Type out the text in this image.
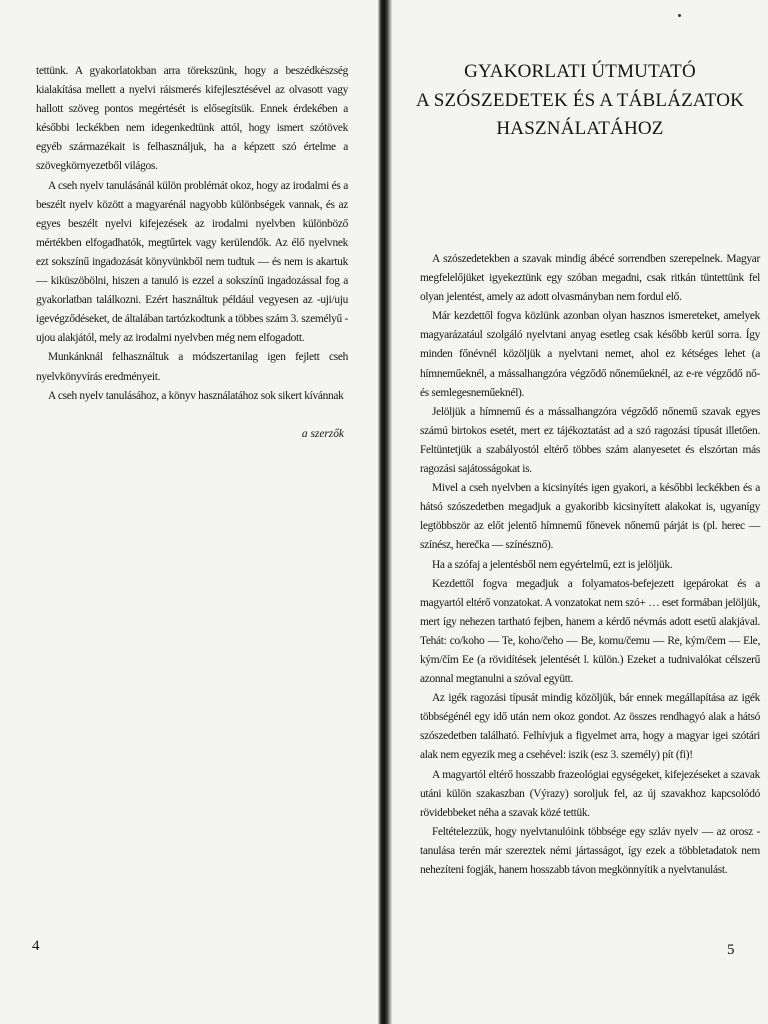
tettünk. A gyakorlatokban arra törekszünk, hogy a beszédkészség kialakítása mellett a nyelvi ráismerés kifejlesztésével az olvasott vagy hallott szöveg pontos megértését is elősegítsük. Ennek érdekében a későbbi leckékben nem idegenkedtünk attól, hogy ismert szótövek egyéb származékait is felhasználjuk, ha a képzett szó értelme a szövegkörnyezetből világos.

A cseh nyelv tanulásánál külön problémát okoz, hogy az irodalmi és a beszélt nyelv között a magyarénál nagyobb különbségek vannak, és az egyes beszélt nyelvi kifejezések az irodalmi nyelvben különböző mértékben elfogadhatók, megtűrtek vagy kerülendők. Az élő nyelvnek ezt sokszínű ingadozását könyvünkből nem tudtuk — és nem is akartuk — kiküszöbölni, hiszen a tanuló is ezzel a sokszínű ingadozással fog a gyakorlatban találkozni. Ezért használtuk például vegyesen az -uji/uju igevégződéseket, de általában tartózkodtunk a többes szám 3. személyű -ujou alakjától, mely az irodalmi nyelvben még nem elfogadott.

Munkánknál felhasználtuk a módszertanilag igen fejlett cseh nyelvkönyvírás eredményeit.

A cseh nyelv tanulásához, a könyv használatához sok sikert kívánnak

a szerzők
4
GYAKORLATI ÚTMUTATÓ
A SZÓSZEDETEK ÉS A TÁBLÁZATOK
HASZNÁLATÁHOZ

A szószedetekben a szavak mindig ábécé sorrendben szerepelnek. Magyar megfelelőjüket igyekeztünk egy szóban megadni, csak ritkán tüntettünk fel olyan jelentést, amely az adott olvasmányban nem fordul elő.

Már kezdettől fogva közlünk azonban olyan hasznos ismereteket, amelyek magyarázatául szolgáló nyelvtani anyag esetleg csak később kerül sorra. Így minden főnévnél közöljük a nyelvtani nemet, ahol ez kétséges lehet (a hímneműeknél, a mássalhangzóra végződő nőneműeknél, az e-re végződő nő- és semlegesneműeknél).

Jelöljük a hímnemű és a mássalhangzóra végződő nőnemű szavak egyes számú birtokos esetét, mert ez tájékoztatást ad a szó ragozási típusát illetően. Feltüntetjük a szabályostól eltérő többes szám alanyesetet és elszórtan más ragozási sajátosságokat is.

Mivel a cseh nyelvben a kicsinyítés igen gyakori, a későbbi leckékben és a hátsó szószedetben megadjuk a gyakoribb kicsinyített alakokat is, ugyanígy legtöbbször az előt jelentő hímnemű főnevek nőnemű párját is (pl. herec — színész, herečka — színésznő).

Ha a szófaj a jelentésből nem egyértelmű, ezt is jelöljük.

Kezdettől fogva megadjuk a folyamatos-befejezett igepárokat és a magyartól eltérő vonzatokat. A vonzatokat nem szó+ … eset formában jelöljük, mert így nehezen tartható fejben, hanem a kérdő névmás adott esetű alakjával. Tehát: co/koho — Te, koho/čeho — Be, komu/čemu — Re, kým/čem — Ele, kým/čím Ee (a rövidítések jelentését l. külön.) Ezeket a tudnivalókat célszerű azonnal megtanulni a szóval együtt.

Az igék ragozási típusát mindig közöljük, bár ennek megállapítása az igék többségénél egy idő után nem okoz gondot. Az összes rendhagyó alak a hátsó szószedetben található. Felhívjuk a figyelmet arra, hogy a magyar igei szótári alak nem egyezik meg a csehével: iszik (esz 3. személy) pít (fi)!

A magyartól eltérő hosszabb frazeológiai egységeket, kifejezéseket a szavak utáni külön szakaszban (Výrazy) soroljuk fel, az új szavakhoz kapcsolódó rövidebbeket néha a szavak közé tettük.

Feltételezzük, hogy nyelvtanulóink többsége egy szláv nyelv — az orosz - tanulása terén már szereztek némi jártasságot, így ezek a többletadatok nem nehezíteni fogják, hanem hosszabb távon megkönnyítik a nyelvtanulást.

5
